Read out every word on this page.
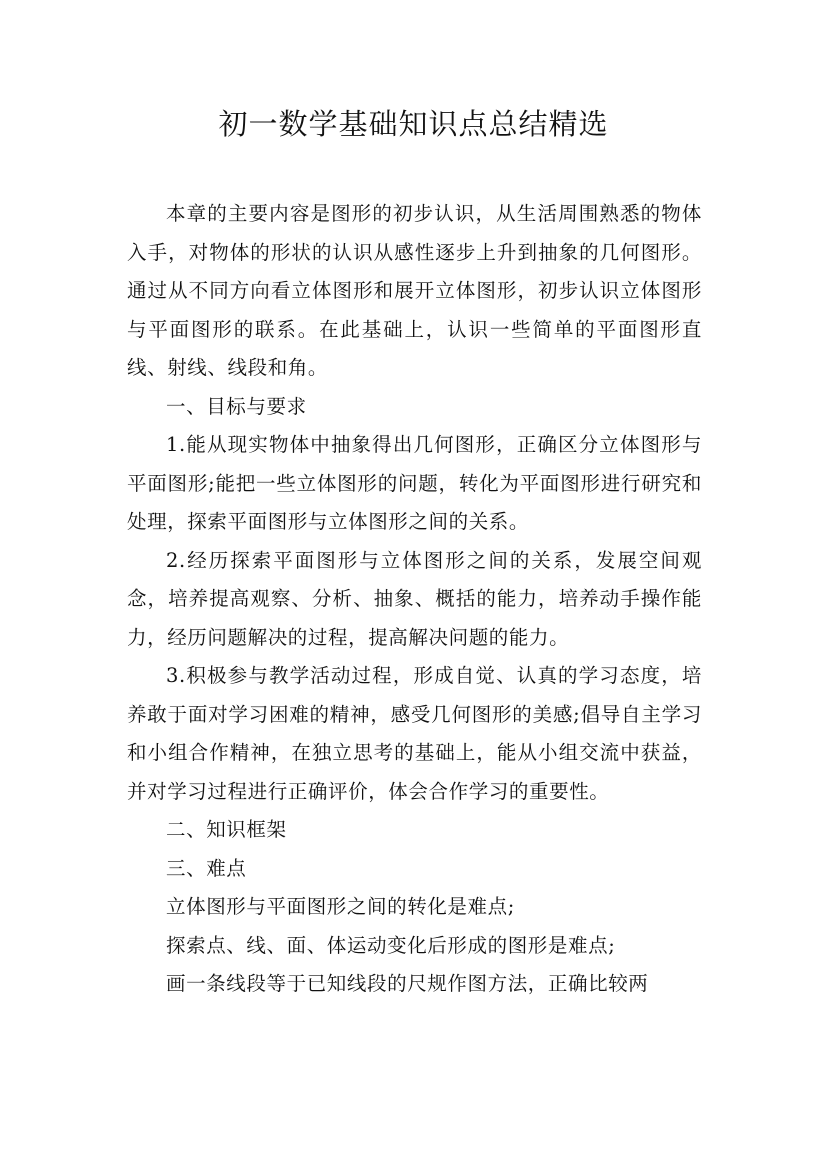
初一数学基础知识点总结精选

本章的主要内容是图形的初步认识，从生活周围熟悉的物体入手，对物体的形状的认识从感性逐步上升到抽象的几何图形。通过从不同方向看立体图形和展开立体图形，初步认识立体图形与平面图形的联系。在此基础上，认识一些简单的平面图形直线、射线、线段和角。

一、目标与要求

1.能从现实物体中抽象得出几何图形，正确区分立体图形与平面图形;能把一些立体图形的问题，转化为平面图形进行研究和处理，探索平面图形与立体图形之间的关系。

2.经历探索平面图形与立体图形之间的关系，发展空间观念，培养提高观察、分析、抽象、概括的能力，培养动手操作能力，经历问题解决的过程，提高解决问题的能力。

3.积极参与教学活动过程，形成自觉、认真的学习态度，培养敢于面对学习困难的精神，感受几何图形的美感;倡导自主学习和小组合作精神，在独立思考的基础上，能从小组交流中获益，并对学习过程进行正确评价，体会合作学习的重要性。

二、知识框架

三、难点

立体图形与平面图形之间的转化是难点;

探索点、线、面、体运动变化后形成的图形是难点;

画一条线段等于已知线段的尺规作图方法，正确比较两
